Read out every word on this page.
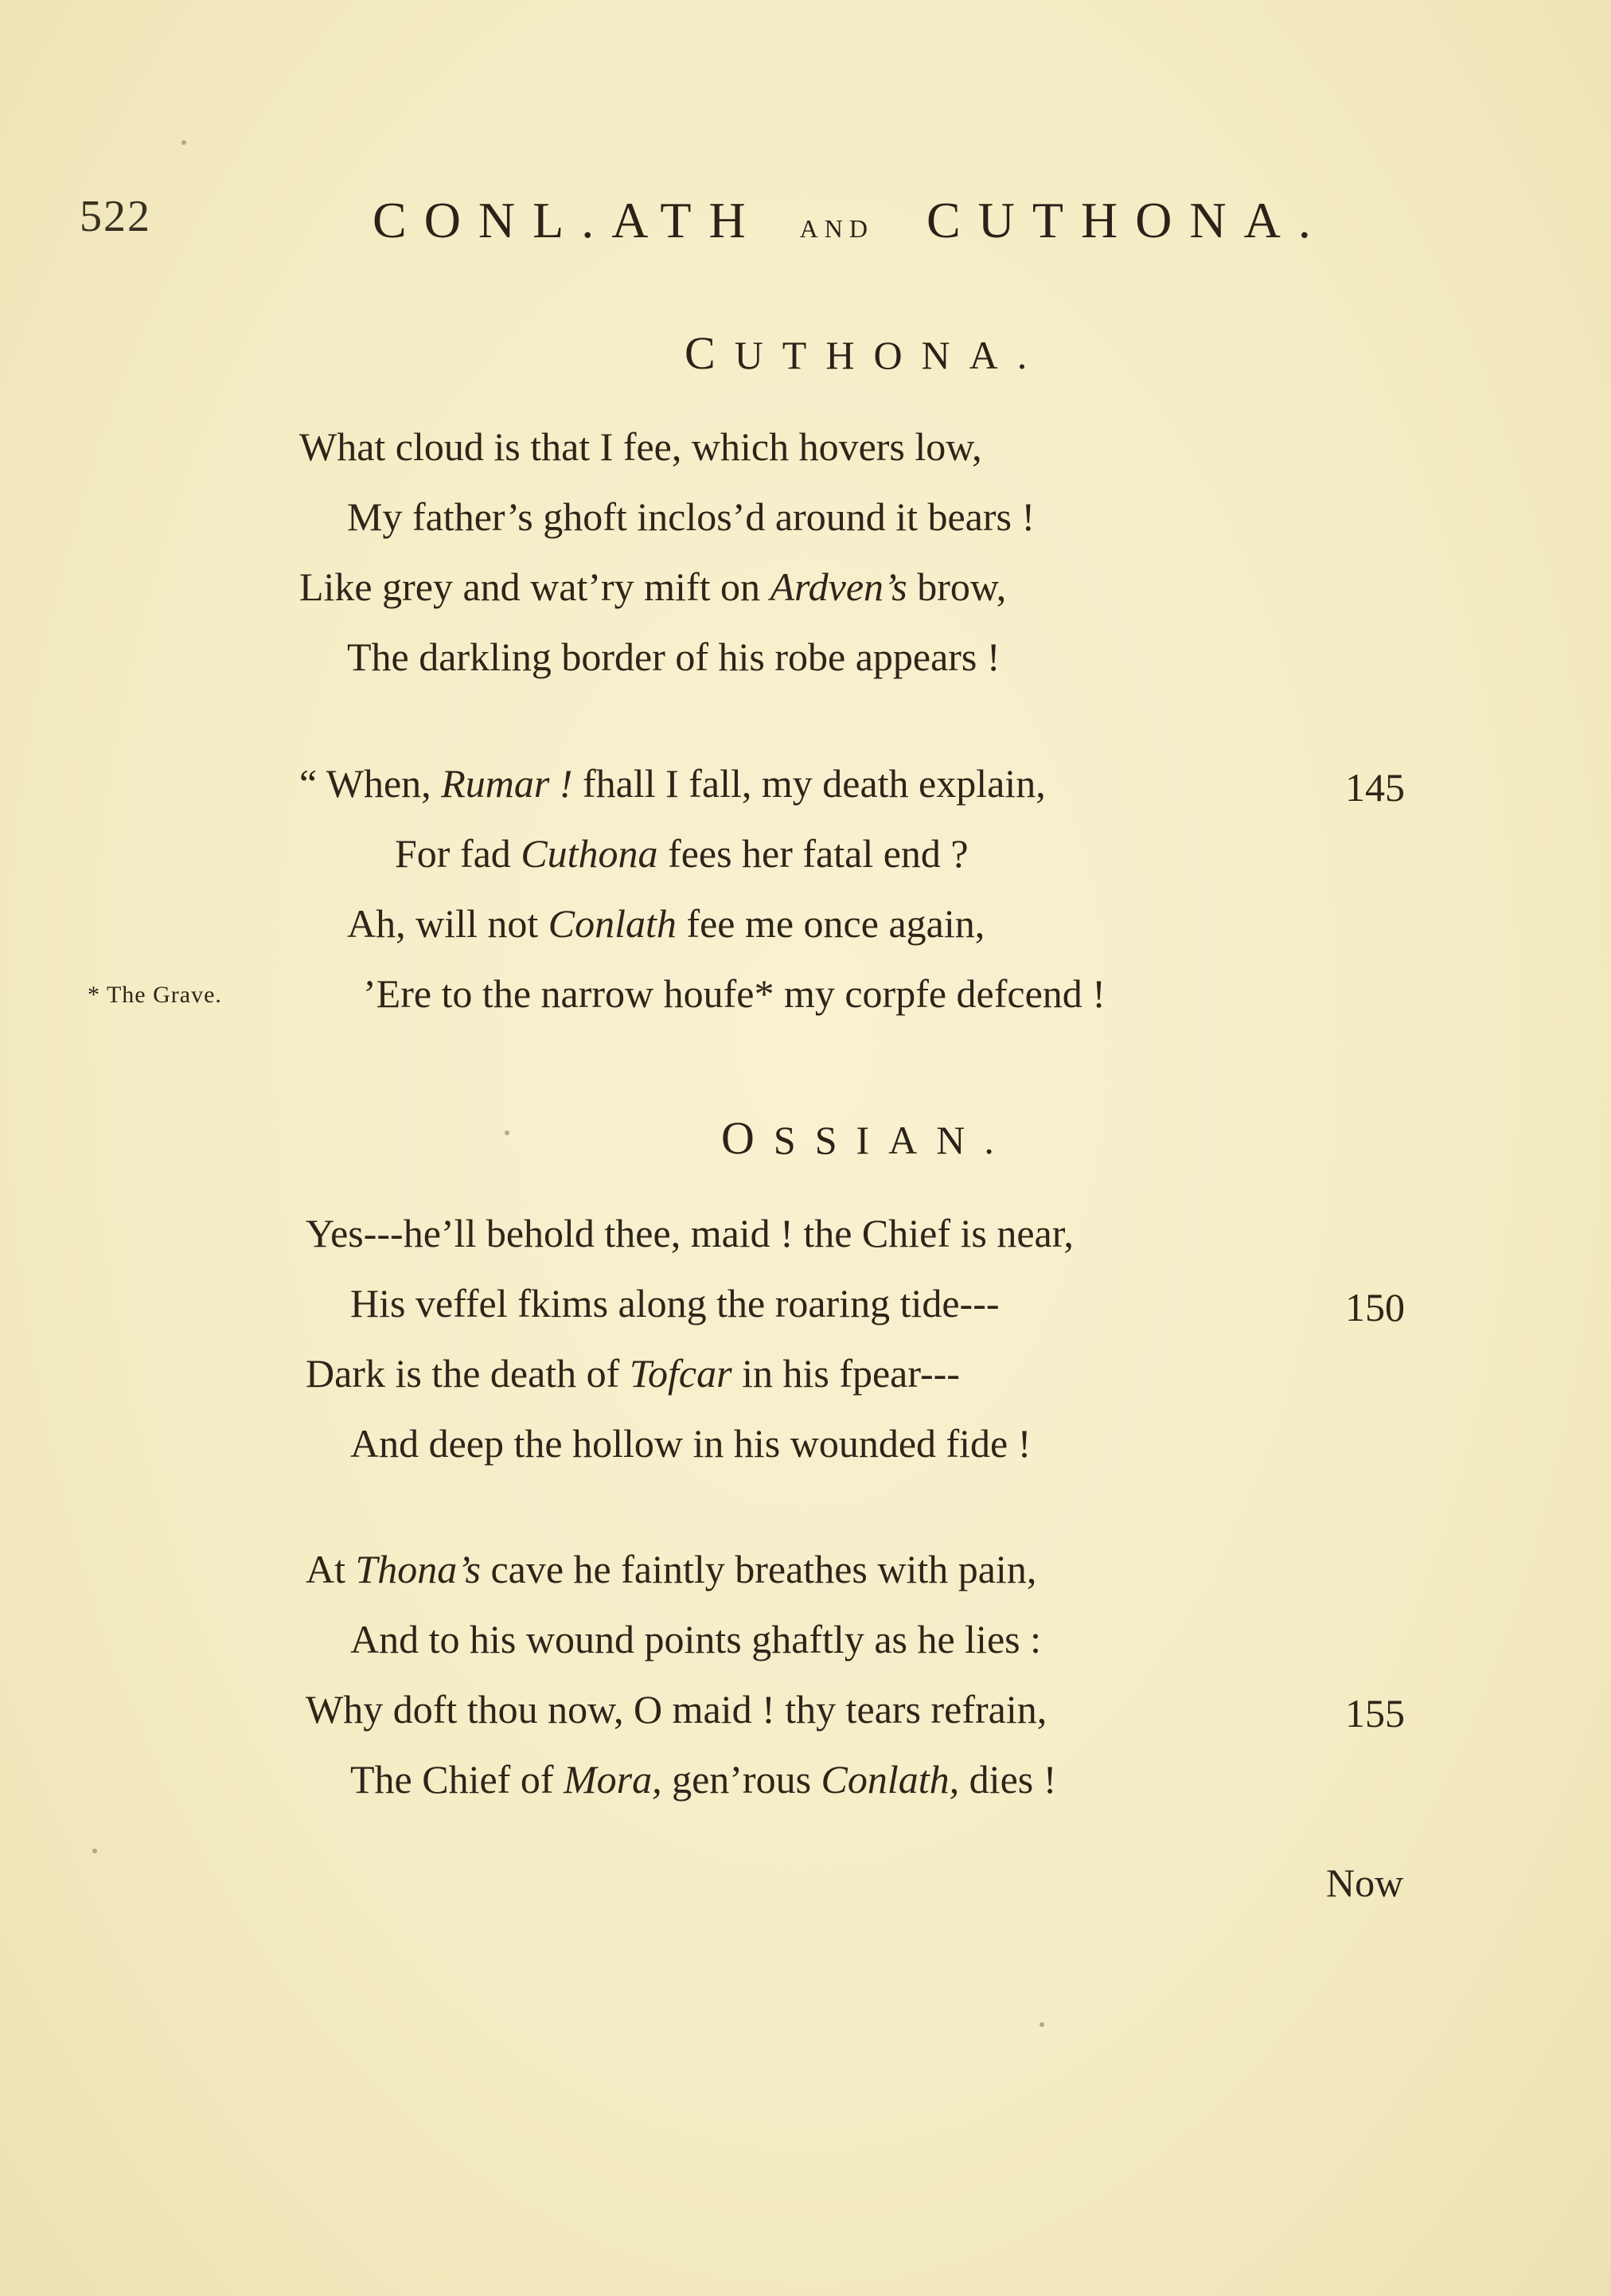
522	CONL.ATH AND CUTHONA.
CUTHONA.
What cloud is that I fee, which hovers low,
My father’s ghoft inclos’d around it bears !
Like grey and wat’ry mift on Ardven’s brow,
The darkling border of his robe appears !
“ When, Rumar ! fhall I fall, my death explain,	145
For fad Cuthona fees her fatal end ?
Ah, will not Conlath fee me once again,
* The Grave.	’Ere to the narrow houfe* my corpfe defcend !
OSSIAN.
Yes---he’ll behold thee, maid ! the Chief is near,
His veffel fkims along the roaring tide---	150
Dark is the death of Tofcar in his fpear---
And deep the hollow in his wounded fide !
At Thona’s cave he faintly breathes with pain,
And to his wound points ghaftly as he lies :
Why doft thou now, O maid ! thy tears refrain,	155
The Chief of Mora, gen’rous Conlath, dies !
Now
